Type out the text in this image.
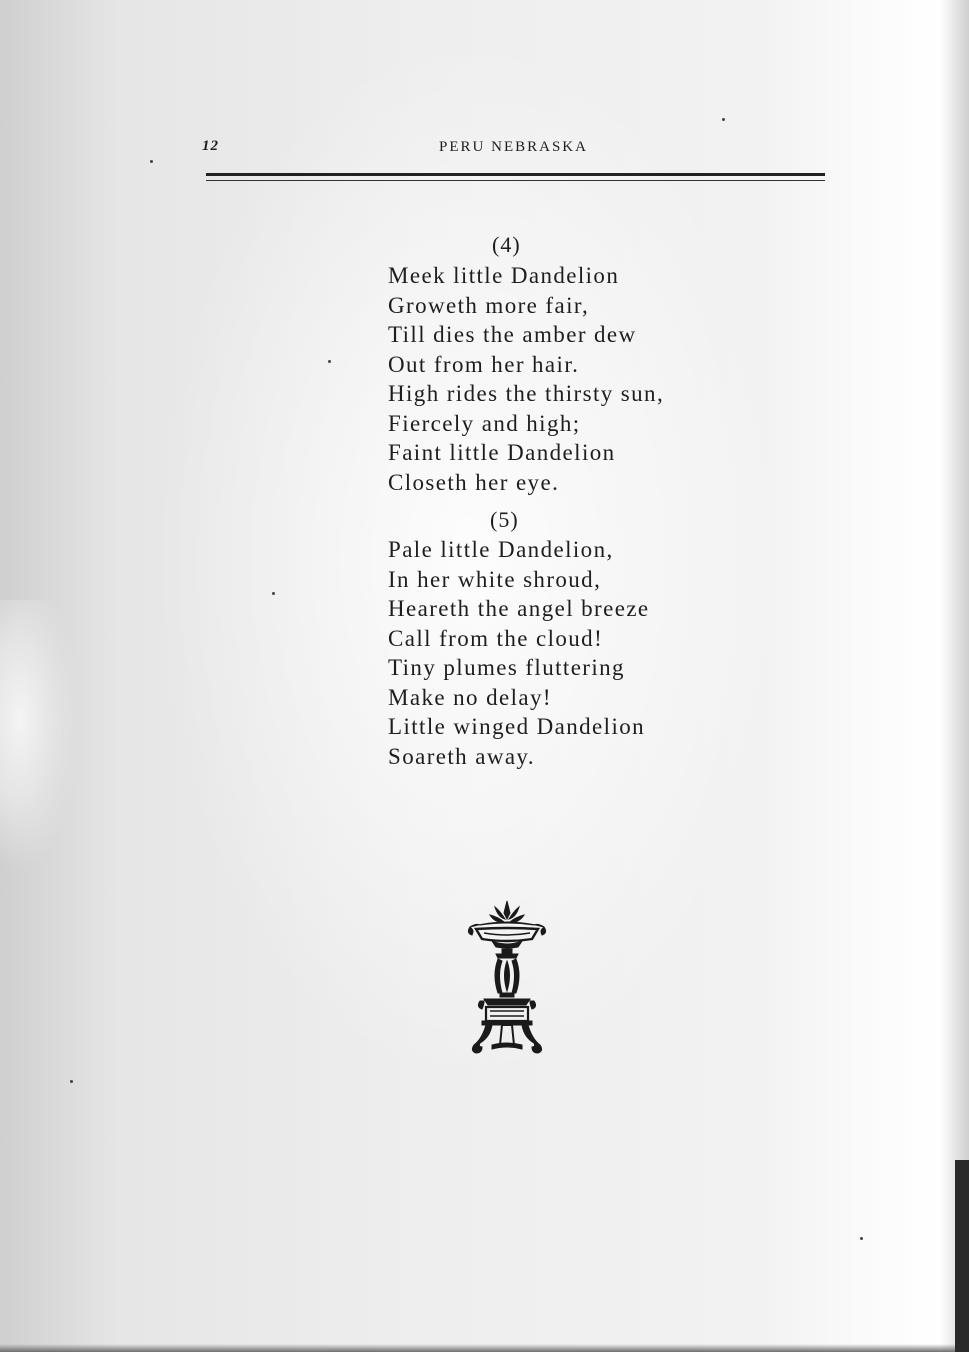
12	PERU NEBRASKA
(4)
Meek little Dandelion
Groweth more fair,
Till dies the amber dew
Out from her hair.
High rides the thirsty sun,
Fiercely and high;
Faint little Dandelion
Closeth her eye.
(5)
Pale little Dandelion,
In her white shroud,
Heareth the angel breeze
Call from the cloud!
Tiny plumes fluttering
Make no delay!
Little winged Dandelion
Soareth away.
